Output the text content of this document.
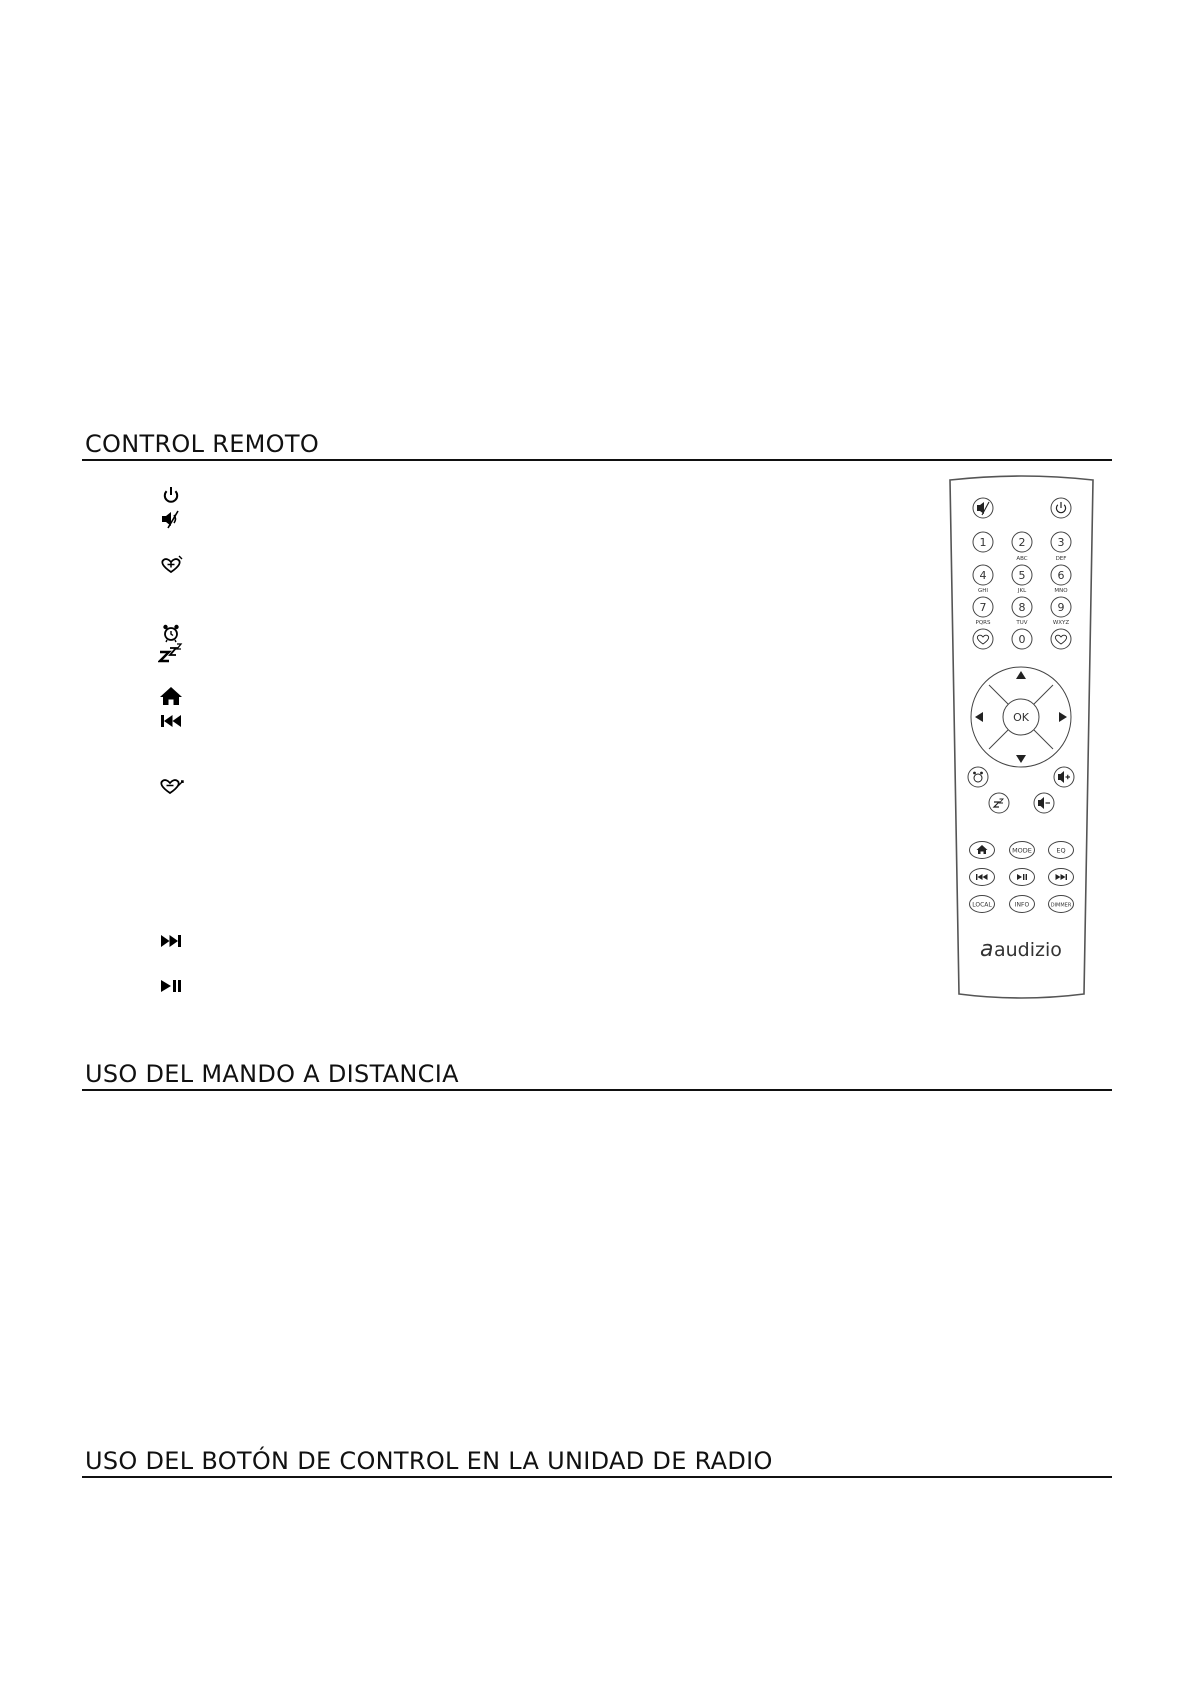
CONTROL REMOTO
USO DEL MANDO A DISTANCIA
USO DEL BOTÓN DE CONTROL EN LA UNIDAD DE RADIO
1	2
ABC
3
DEF
4
GHI
5
JKL
6
MNO
7
PQRS
8
TUV
9
WXYZ
0
OK
MODE	EQ
LOCAL	INFO	DIMMER
a audizio
